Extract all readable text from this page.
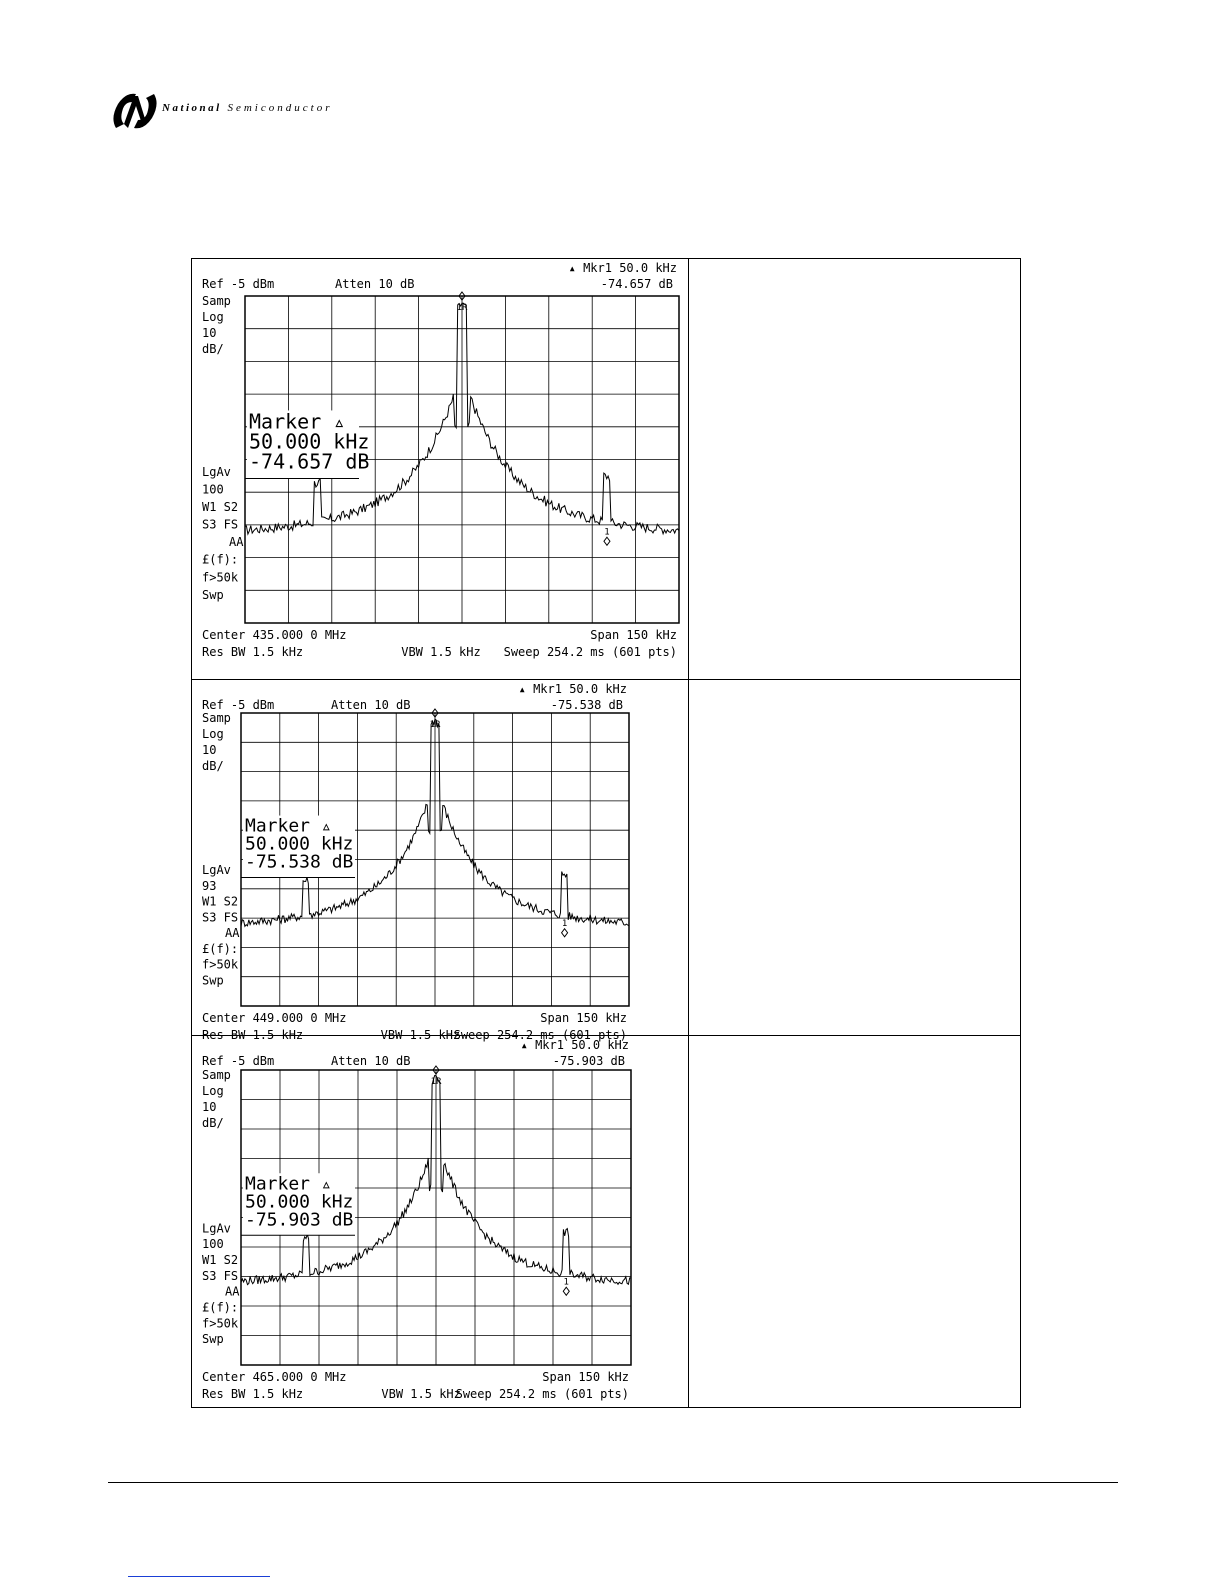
National Semiconductor
▴ Mkr1 50.0 kHz
-74.657 dB
Ref -5 dBm	Atten 10 dB
Samp
Log
10
dB/
LgAv
100
W1 S2
S3 FS
AA
£(f):
f>50k
Swp
1R
1
Marker ▵
50.000 kHz
-74.657 dB
Center 435.000 0 MHz	Span 150 kHz
Res BW 1.5 kHz	VBW 1.5 kHz Sweep 254.2 ms (601 pts)
▴ Mkr1 50.0 kHz
-75.538 dB
Ref -5 dBm	Atten 10 dB
Samp
Log
10
dB/
LgAv
93
W1 S2
S3 FS
AA
£(f):
f>50k
Swp
1R
1
Marker ▵
50.000 kHz
-75.538 dB
Center 449.000 0 MHz	Span 150 kHz
Res BW 1.5 kHz	VBW 1.5 kHz
Sweep 254.2 ms (601 pts)
▴ Mkr1 50.0 kHz
-75.903 dB
Ref -5 dBm	Atten 10 dB
Samp
Log
10
dB/
LgAv
100
W1 S2
S3 FS
AA
£(f):
f>50k
Swp
1R
1
Marker ▵
50.000 kHz
-75.903 dB
Center 465.000 0 MHz	Span 150 kHz
Res BW 1.5 kHz	VBW 1.5 kHz
Sweep 254.2 ms (601 pts)
